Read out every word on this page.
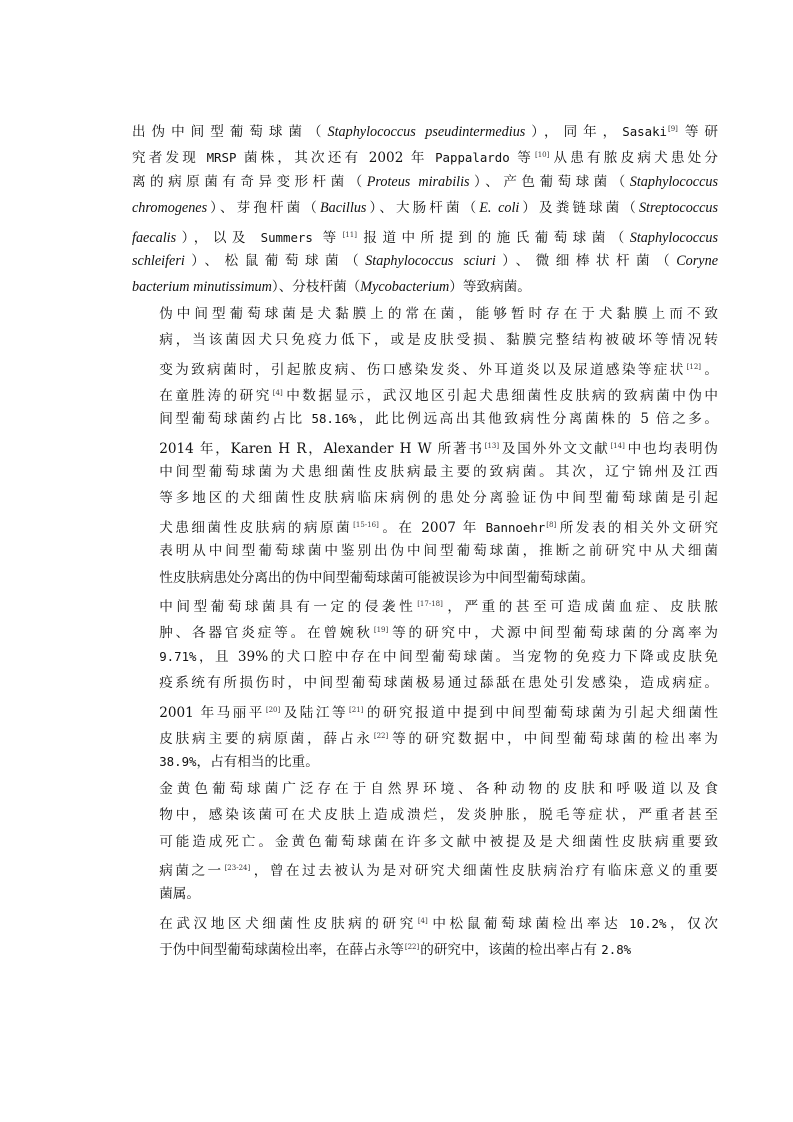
出伪中间型葡萄球菌（Staphylococcus pseudintermedius），同年，Sasaki[9]等研
究者发现 MRSP 菌株，其次还有 2002 年 Pappalardo 等[10]从患有脓皮病犬患处分
离的病原菌有奇异变形杆菌（Proteus mirabilis）、产色葡萄球菌（Staphylococcus
chromogenes）、芽孢杆菌（Bacillus）、大肠杆菌（E. coli）及粪链球菌（Streptococcus
faecalis），以及 Summers 等[11]报道中所提到的施氏葡萄球菌（Staphylococcus
schleiferi）、松鼠葡萄球菌（Staphylococcus sciuri）、微细棒状杆菌（Coryne
bacterium minutissimum）、分枝杆菌（Mycobacterium）等致病菌。
伪中间型葡萄球菌是犬黏膜上的常在菌，能够暂时存在于犬黏膜上而不致
病，当该菌因犬只免疫力低下，或是皮肤受损、黏膜完整结构被破坏等情况转
变为致病菌时，引起脓皮病、伤口感染发炎、外耳道炎以及尿道感染等症状[12]。
在童胜涛的研究[4]中数据显示，武汉地区引起犬患细菌性皮肤病的致病菌中伪中
间型葡萄球菌约占比 58.16%，此比例远高出其他致病性分离菌株的 5 倍之多。
2014 年，Karen H R，Alexander H W 所著书[13]及国外外文文献[14]中也均表明伪
中间型葡萄球菌为犬患细菌性皮肤病最主要的致病菌。其次，辽宁锦州及江西
等多地区的犬细菌性皮肤病临床病例的患处分离验证伪中间型葡萄球菌是引起
犬患细菌性皮肤病的病原菌[15-16]。在 2007 年 Bannoehr[8]所发表的相关外文研究
表明从中间型葡萄球菌中鉴别出伪中间型葡萄球菌，推断之前研究中从犬细菌
性皮肤病患处分离出的伪中间型葡萄球菌可能被误诊为中间型葡萄球菌。
中间型葡萄球菌具有一定的侵袭性[17-18]，严重的甚至可造成菌血症、皮肤脓
肿、各器官炎症等。在曾婉秋[19]等的研究中，犬源中间型葡萄球菌的分离率为
9.71%，且 39%的犬口腔中存在中间型葡萄球菌。当宠物的免疫力下降或皮肤免
疫系统有所损伤时，中间型葡萄球菌极易通过舔舐在患处引发感染，造成病症。
2001 年马丽平[20]及陆江等[21]的研究报道中提到中间型葡萄球菌为引起犬细菌性
皮肤病主要的病原菌，薛占永[22]等的研究数据中，中间型葡萄球菌的检出率为
38.9%，占有相当的比重。
金黄色葡萄球菌广泛存在于自然界环境、各种动物的皮肤和呼吸道以及食
物中，感染该菌可在犬皮肤上造成溃烂，发炎肿胀，脱毛等症状，严重者甚至
可能造成死亡。金黄色葡萄球菌在许多文献中被提及是犬细菌性皮肤病重要致
病菌之一[23-24]，曾在过去被认为是对研究犬细菌性皮肤病治疗有临床意义的重要
菌属。
在武汉地区犬细菌性皮肤病的研究[4]中松鼠葡萄球菌检出率达 10.2%，仅次
于伪中间型葡萄球菌检出率，在薛占永等[22]的研究中，该菌的检出率占有 2.8%
